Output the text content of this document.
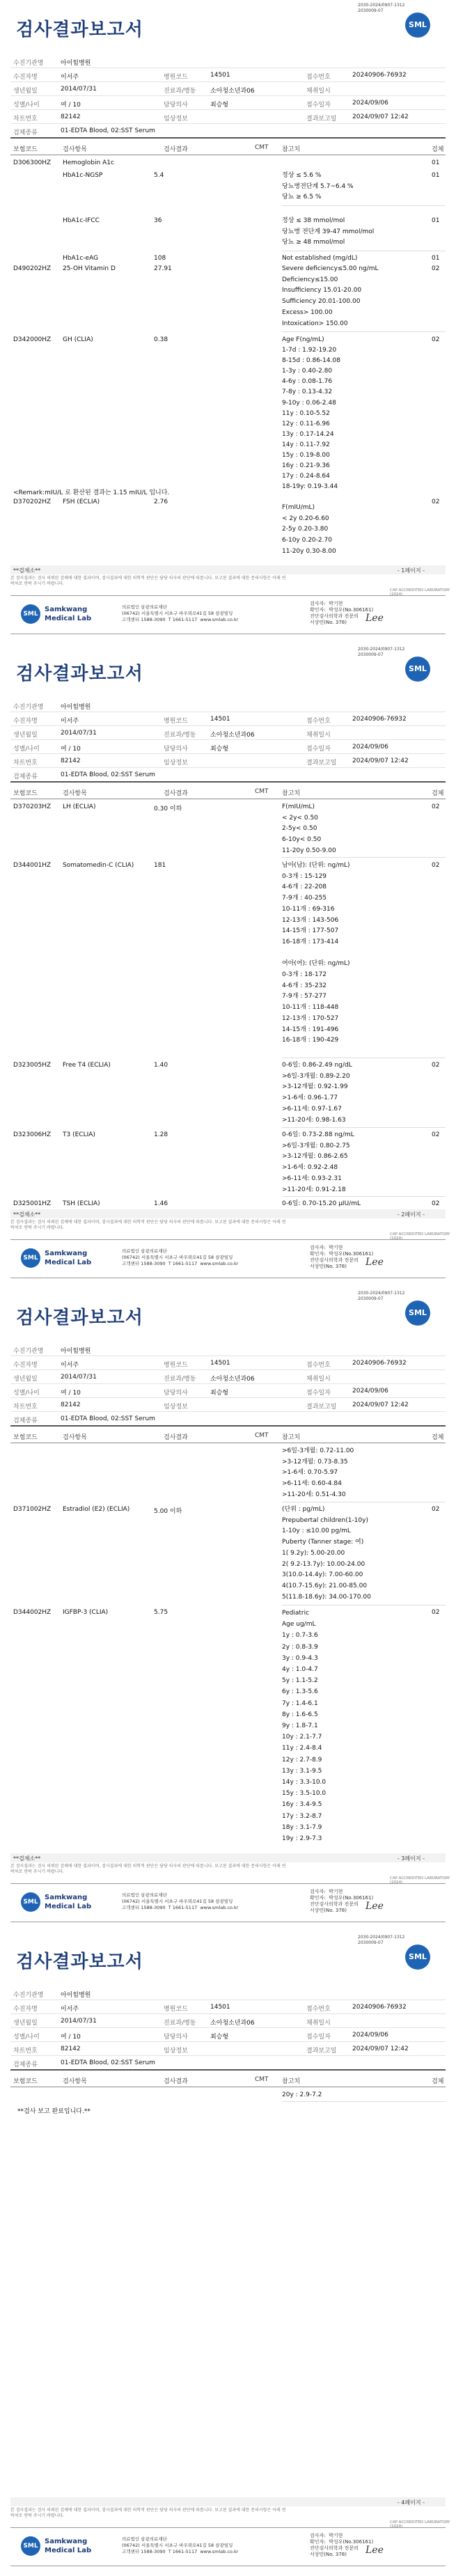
2030-2024/0907-1312
2030009-07
검사결과보고서	SML
수진기관명	아이힘병원
수진자명	이서주	병원코드	14501	접수번호	20240906-76932
생년월일	2014/07/31	진료과/병동 소아청소년과06	채취일시
성별/나이	여 / 10	담당의사	최승형	접수일자	2024/09/06
차트번호	82142	임상정보	결과보고일	2024/09/07 12:42
검체종류	01-EDTA Blood, 02:SST Serum
보험코드	검사항목	검사결과	CMT 참고치	검체
D306300HZ Hemoglobin A1c	01
HbA1c-NGSP	5.4	정상 ≤ 5.6 %
당뇨병전단계 5.7~6.4 %
당뇨 ≥ 6.5 %
01
HbA1c-IFCC	36	정상 ≤ 38 mmol/mol
당뇨병 전단계 39-47 mmol/mol
당뇨 ≥ 48 mmol/mol
01
HbA1c-eAG	108	Not established (mg/dL)	01
D490202HZ 25-OH Vitamin D	27.91	Severe deficiency≤5.00 ng/mL
Deficiency≤15.00
Insufficiency 15.01-20.00
Sufficiency 20.01-100.00
Excess> 100.00
Intoxication> 150.00
02
D342000HZ GH (CLIA)	0.38	Age F(ng/mL)
1-7d : 1.92-19.20
8-15d : 0.86-14.08
1-3y : 0.40-2.80
4-6y : 0.08-1.76
7-8y : 0.13-4.32
9-10y : 0.06-2.48
11y : 0.10-5.52
12y : 0.11-6.96
13y : 0.17-14.24
14y : 0.11-7.92
15y : 0.19-8.00
16y : 0.21-9.36
17y : 0.24-8.64
18-19y: 0.19-3.44
02
<Remark:mIU/L 로 환산된 결과는 1.15 mIU/L 입니다.
D370202HZ FSH (ECLIA)	2.76
F(mIU/mL)
< 2y 0.20-6.60
2-5y 0.20-3.80
6-10y 0.20-2.70
11-20y 0.30-8.00
02
**검체소**	- 1페이지 -
본 검사결과는 검사 의뢰된 검체에 대한 결과이며, 검사결과에 대한 의학적 판단은 담당 의사의 판단에 따릅니다. 보고된 결과에 대한 문의사항은 아래 연락처로 연락 주시기 바랍니다.
CAP ACCREDITED LABORATORY (2024)
SML
Samkwang
Medical Lab
의료법인 삼광의료재단
(06742) 서울특별시 서초구 바우뫼로41길 58 삼광빌딩
고객센터 1588-3090  T 1661-5117  www.smlab.co.kr
검사자:  박기현
확인자:  박성우(No.306161)
진단검사의학과 전문의
서상민(No. 378)	Lee
2030-2024/0907-1312
2030009-07
검사결과보고서	SML
수진기관명	아이힘병원
수진자명	이서주	병원코드	14501	접수번호	20240906-76932
생년월일	2014/07/31	진료과/병동 소아청소년과06	채취일시
성별/나이	여 / 10	담당의사	최승형	접수일자	2024/09/06
차트번호	82142	임상정보	결과보고일	2024/09/07 12:42
검체종류	01-EDTA Blood, 02:SST Serum
보험코드	검사항목	검사결과	CMT 참고치	검체
D370203HZ LH (ECLIA)	0.30 이하	F(mIU/mL)
< 2y< 0.50
2-5y< 0.50
6-10y< 0.50
11-20y 0.50-9.00
02
D344001HZ Somatomedin-C (CLIA)	181	남아(남): (단위: ng/mL)
0-3개 : 15-129
4-6개 : 22-208
7-9개 : 40-255
10-11개 : 69-316
12-13개 : 143-506
14-15개 : 177-507
16-18개 : 173-414

여아(여): (단위: ng/mL)
0-3개 : 18-172
4-6개 : 35-232
7-9개 : 57-277
10-11개 : 118-448
12-13개 : 170-527
14-15개 : 191-496
16-18개 : 190-429
02
D323005HZ Free T4 (ECLIA)	1.40	0-6일: 0.86-2.49 ng/dL
>6일-3개월: 0.89-2.20
>3-12개월: 0.92-1.99
>1-6세: 0.96-1.77
>6-11세: 0.97-1.67
>11-20세: 0.98-1.63
02
D323006HZ T3 (ECLIA)	1.28	0-6일: 0.73-2.88 ng/mL
>6일-3개월: 0.80-2.75
>3-12개월: 0.86-2.65
>1-6세: 0.92-2.48
>6-11세: 0.93-2.31
>11-20세: 0.91-2.18
02
D325001HZ TSH (ECLIA)	1.46	0-6일: 0.70-15.20 μIU/mL	02
**검체소**	- 2페이지 -
본 검사결과는 검사 의뢰된 검체에 대한 결과이며, 검사결과에 대한 의학적 판단은 담당 의사의 판단에 따릅니다. 보고된 결과에 대한 문의사항은 아래 연락처로 연락 주시기 바랍니다.
CAP ACCREDITED LABORATORY (2024)
SML
Samkwang
Medical Lab
의료법인 삼광의료재단
(06742) 서울특별시 서초구 바우뫼로41길 58 삼광빌딩
고객센터 1588-3090  T 1661-5117  www.smlab.co.kr
검사자:  박기현
확인자:  박성우(No.306161)
진단검사의학과 전문의
서상민(No. 378)	Lee
2030-2024/0907-1312
2030009-07
검사결과보고서	SML
수진기관명	아이힘병원
수진자명	이서주	병원코드	14501	접수번호	20240906-76932
생년월일	2014/07/31	진료과/병동 소아청소년과06	채취일시
성별/나이	여 / 10	담당의사	최승형	접수일자	2024/09/06
차트번호	82142	임상정보	결과보고일	2024/09/07 12:42
검체종류	01-EDTA Blood, 02:SST Serum
보험코드	검사항목	검사결과	CMT 참고치	검체
>6일-3개월: 0.72-11.00
>3-12개월: 0.73-8.35
>1-6세: 0.70-5.97
>6-11세: 0.60-4.84
>11-20세: 0.51-4.30
D371002HZ Estradiol (E2) (ECLIA)	5.00 이하	(단위 : pg/mL)
Prepubertal children(1-10y)
1-10y : ≤10.00 pg/mL
Puberty (Tanner stage: 여)
1( 9.2y): 5.00-20.00
2( 9.2-13.7y): 10.00-24.00
3(10.0-14.4y): 7.00-60.00
4(10.7-15.6y): 21.00-85.00
5(11.8-18.6y): 34.00-170.00
02
D344002HZ IGFBP-3 (CLIA)	5.75	Pediatric
Age ug/mL
1y : 0.7-3.6
2y : 0.8-3.9
3y : 0.9-4.3
4y : 1.0-4.7
5y : 1.1-5.2
6y : 1.3-5.6
7y : 1.4-6.1
8y : 1.6-6.5
9y : 1.8-7.1
10y : 2.1-7.7
11y : 2.4-8.4
12y : 2.7-8.9
13y : 3.1-9.5
14y : 3.3-10.0
15y : 3.5-10.0
16y : 3.4-9.5
17y : 3.2-8.7
18y : 3.1-7.9
19y : 2.9-7.3
02
**검체소**	- 3페이지 -
본 검사결과는 검사 의뢰된 검체에 대한 결과이며, 검사결과에 대한 의학적 판단은 담당 의사의 판단에 따릅니다. 보고된 결과에 대한 문의사항은 아래 연락처로 연락 주시기 바랍니다.
CAP ACCREDITED LABORATORY (2024)
SML
Samkwang
Medical Lab
의료법인 삼광의료재단
(06742) 서울특별시 서초구 바우뫼로41길 58 삼광빌딩
고객센터 1588-3090  T 1661-5117  www.smlab.co.kr
검사자:  박기현
확인자:  박성우(No.306161)
진단검사의학과 전문의
서상민(No. 378)	Lee
2030-2024/0907-1312
2030009-07
검사결과보고서	SML
수진기관명	아이힘병원
수진자명	이서주	병원코드	14501	접수번호	20240906-76932
생년월일	2014/07/31	진료과/병동 소아청소년과06	채취일시
성별/나이	여 / 10	담당의사	최승형	접수일자	2024/09/06
차트번호	82142	임상정보	결과보고일	2024/09/07 12:42
검체종류	01-EDTA Blood, 02:SST Serum
보험코드	검사항목	검사결과	CMT 참고치	검체
20y : 2.9-7.2
**검사 보고 완료입니다.**
- 4페이지 -
본 검사결과는 검사 의뢰된 검체에 대한 결과이며, 검사결과에 대한 의학적 판단은 담당 의사의 판단에 따릅니다. 보고된 결과에 대한 문의사항은 아래 연락처로 연락 주시기 바랍니다.
CAP ACCREDITED LABORATORY (2024)
SML
Samkwang
Medical Lab
의료법인 삼광의료재단
(06742) 서울특별시 서초구 바우뫼로41길 58 삼광빌딩
고객센터 1588-3090  T 1661-5117  www.smlab.co.kr
검사자:  박기현
확인자:  박성우(No.306161)
진단검사의학과 전문의
서상민(No. 378)	Lee
